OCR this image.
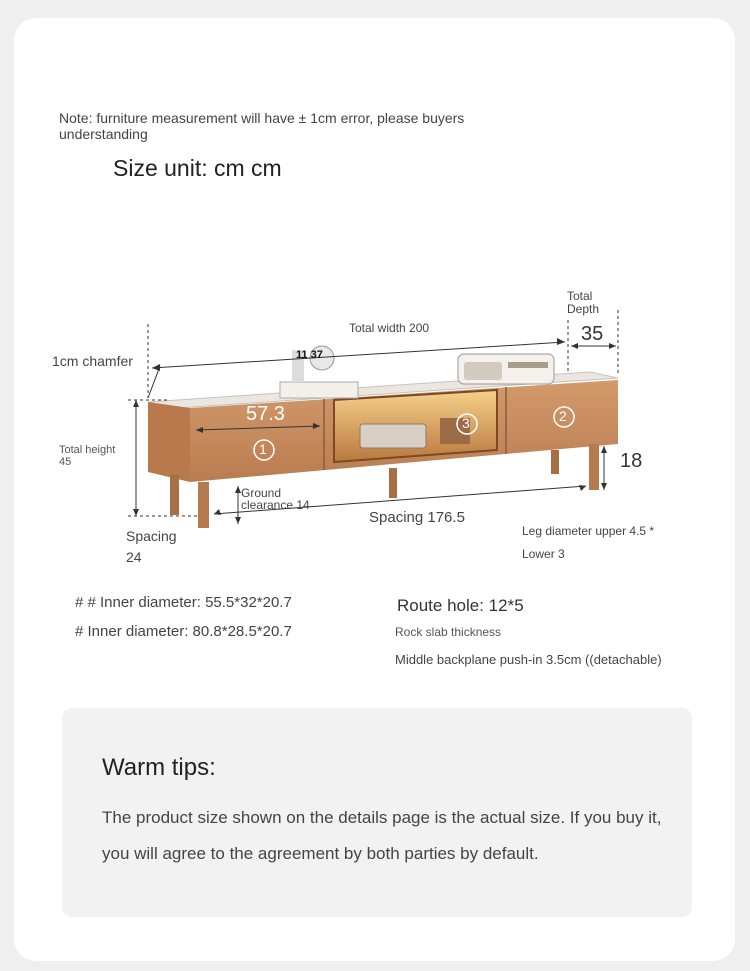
Note: furniture measurement will have ± 1cm error, please buyers understanding
Size unit: cm cm
1
3	2
11 37
Total width 200
Total
Depth
35
1cm chamfer
Total height
45
57.3
18
Ground
clearance 14
Spacing 176.5
Spacing
24
Leg diameter upper 4.5 *
Lower 3
# # Inner diameter: 55.5*32*20.7
# Inner diameter: 80.8*28.5*20.7
Route hole: 12*5
Rock slab thickness
Middle backplane push-in 3.5cm ((detachable)
Warm tips:
The product size shown on the details page is the actual size. If you buy it, you will agree to the agreement by both parties by default.
